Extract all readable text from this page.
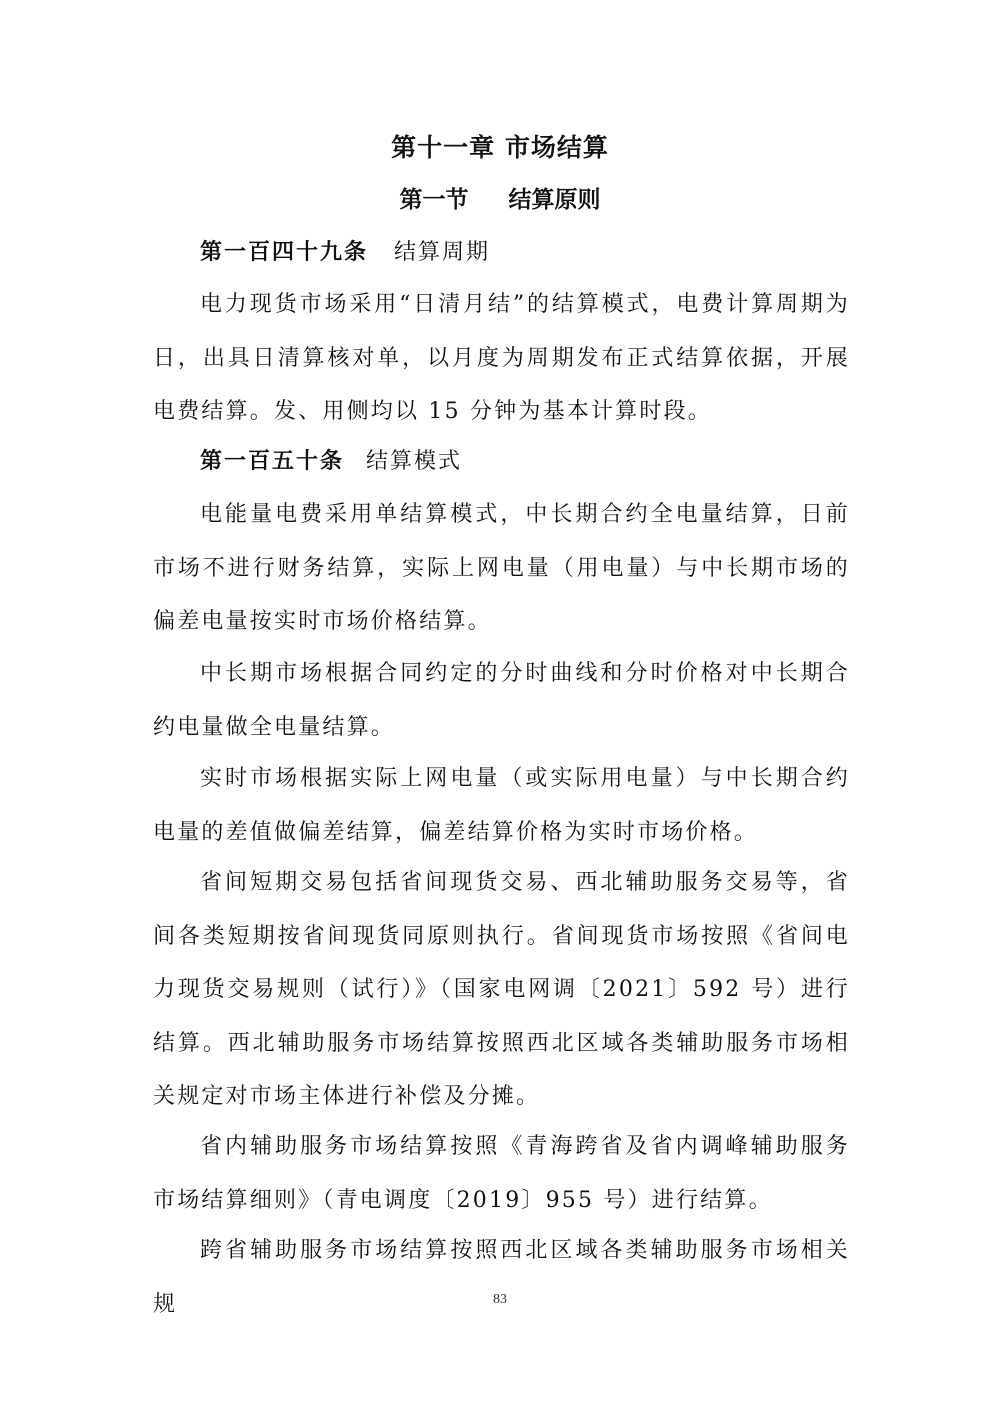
第十一章 市场结算
第一节 结算原则
第一百四十九条 结算周期

电力现货市场采用“日清月结”的结算模式，电费计算周期为日，出具日清算核对单，以月度为周期发布正式结算依据，开展电费结算。发、用侧均以 15 分钟为基本计算时段。

第一百五十条 结算模式

电能量电费采用单结算模式，中长期合约全电量结算，日前市场不进行财务结算，实际上网电量（用电量）与中长期市场的偏差电量按实时市场价格结算。

中长期市场根据合同约定的分时曲线和分时价格对中长期合约电量做全电量结算。

实时市场根据实际上网电量（或实际用电量）与中长期合约电量的差值做偏差结算，偏差结算价格为实时市场价格。

省间短期交易包括省间现货交易、西北辅助服务交易等，省间各类短期按省间现货同原则执行。省间现货市场按照《省间电力现货交易规则（试行）》（国家电网调〔2021〕592 号）进行结算。西北辅助服务市场结算按照西北区域各类辅助服务市场相关规定对市场主体进行补偿及分摊。

省内辅助服务市场结算按照《青海跨省及省内调峰辅助服务市场结算细则》（青电调度〔2019〕955 号）进行结算。

跨省辅助服务市场结算按照西北区域各类辅助服务市场相关规	83
